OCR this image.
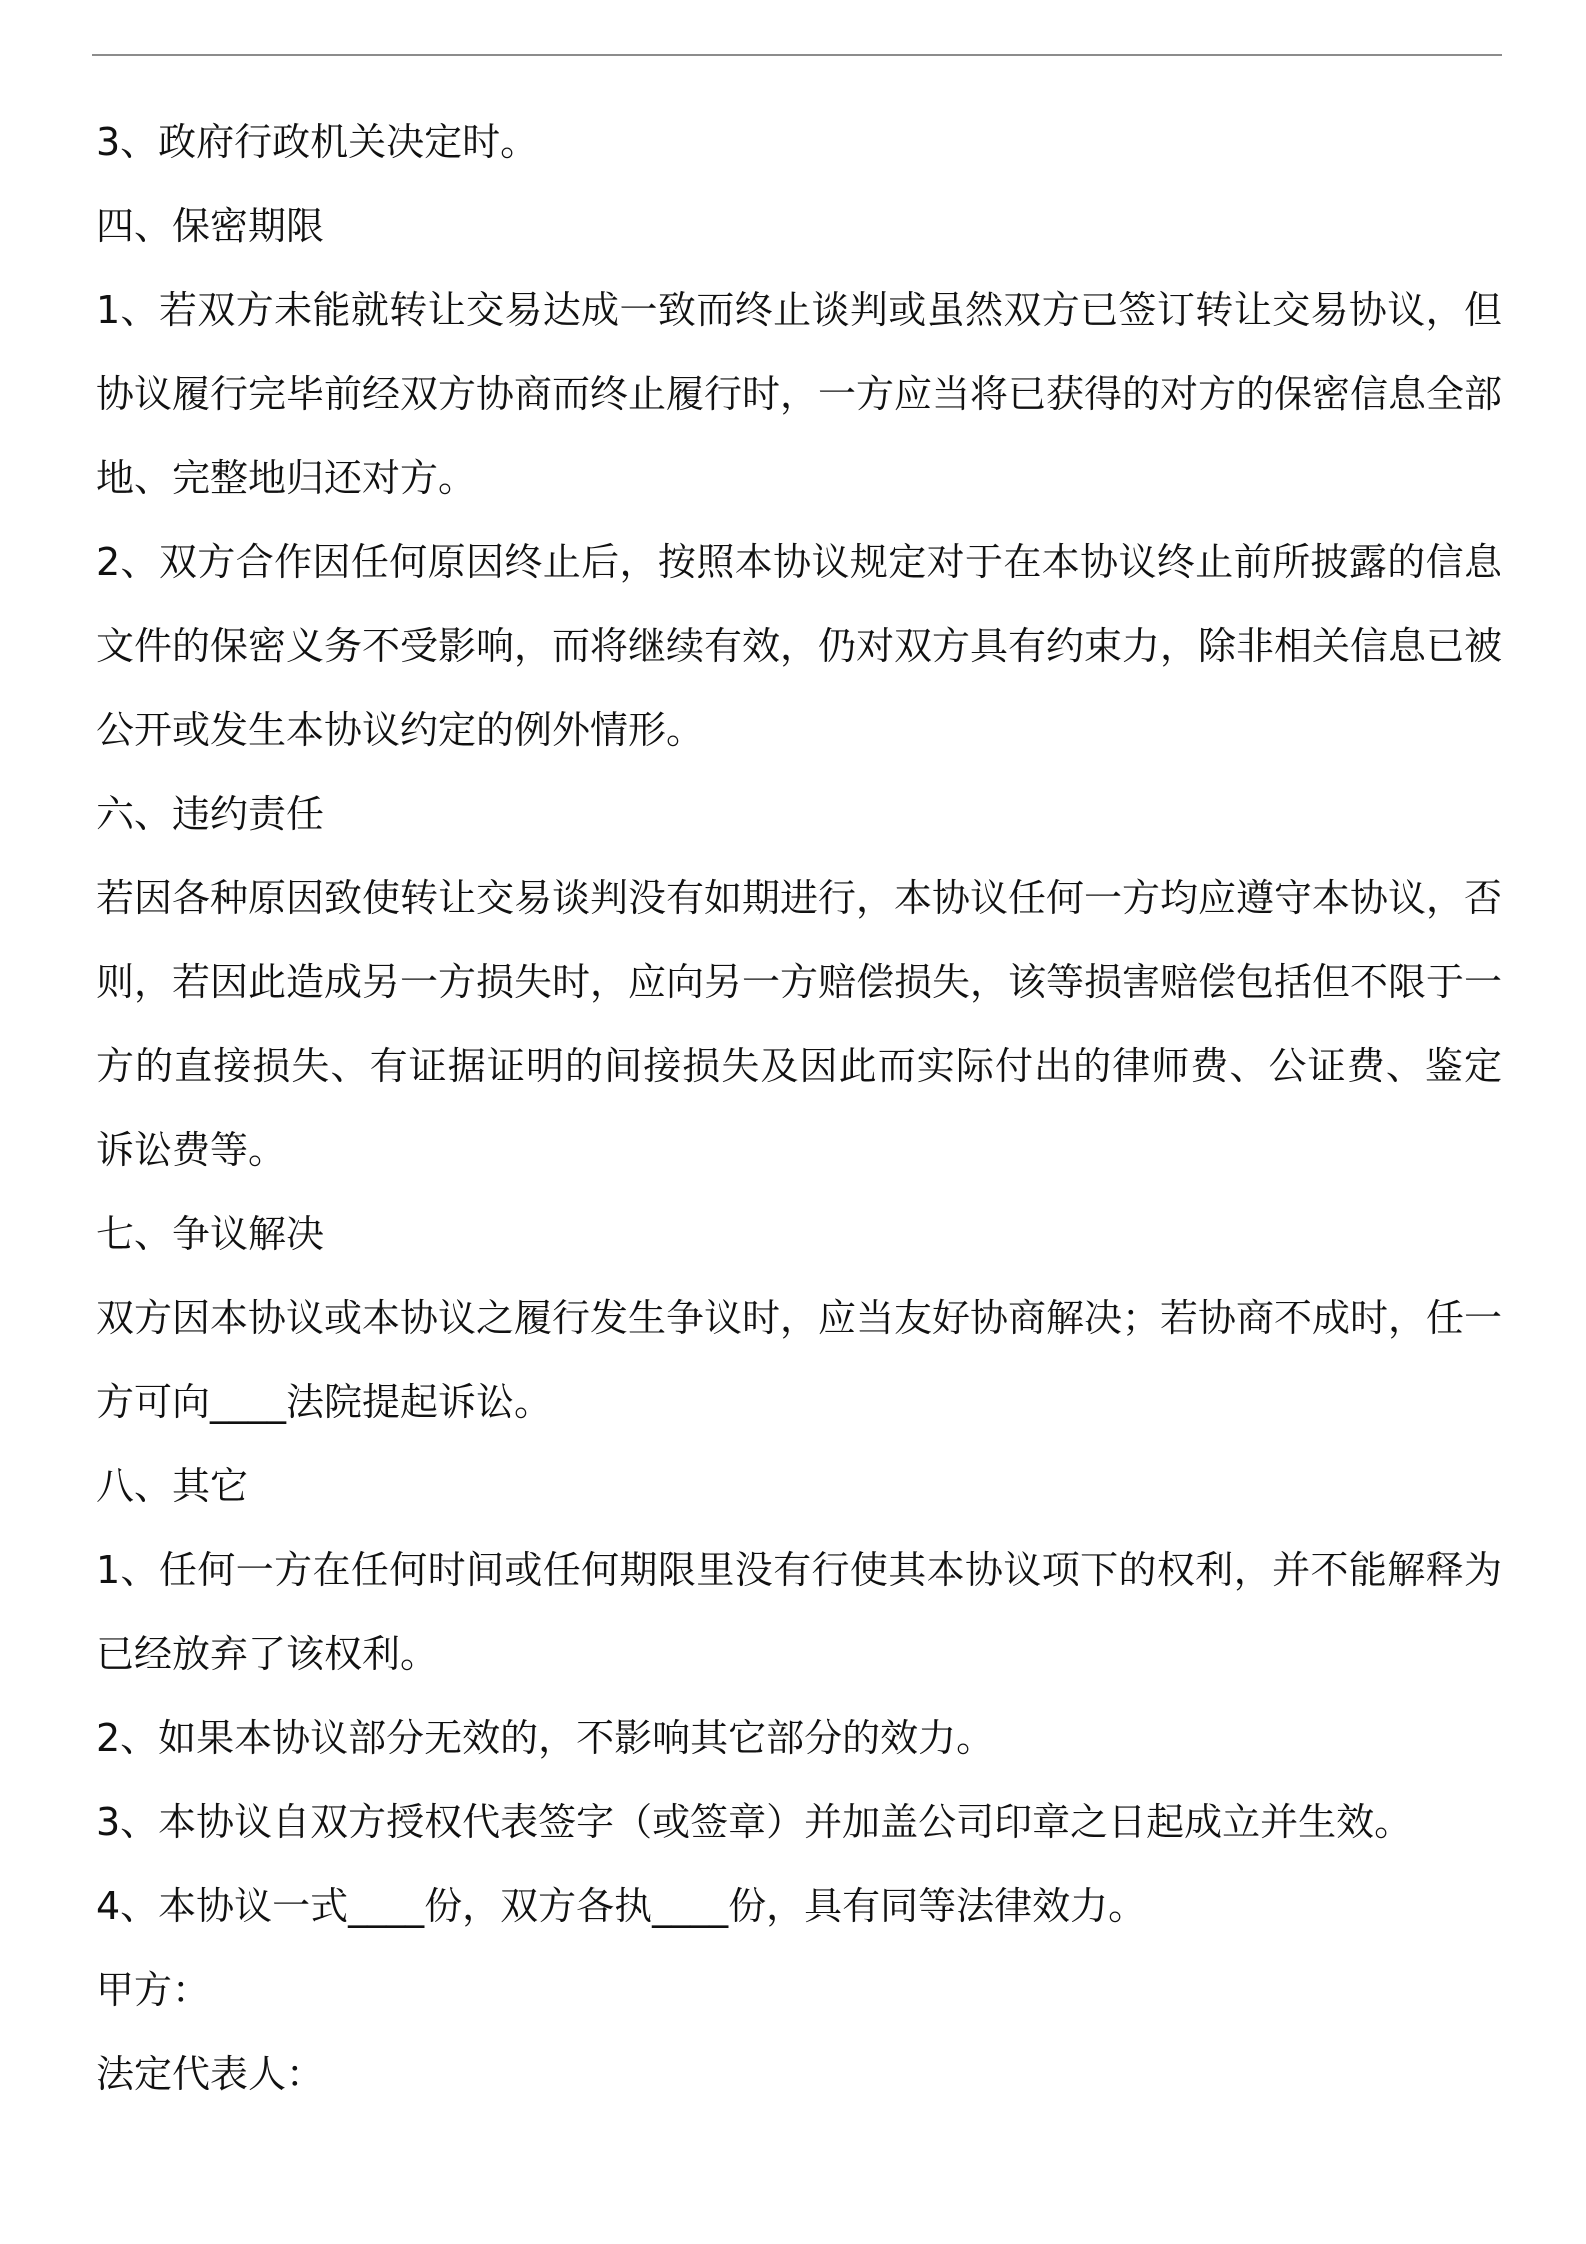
3、政府行政机关决定时。
四、保密期限
1、若双方未能就转让交易达成一致而终止谈判或虽然双方已签订转让交易协议，但
协议履行完毕前经双方协商而终止履行时，一方应当将已获得的对方的保密信息全部
地、完整地归还对方。
2、双方合作因任何原因终止后，按照本协议规定对于在本协议终止前所披露的信息
文件的保密义务不受影响，而将继续有效，仍对双方具有约束力，除非相关信息已被
公开或发生本协议约定的例外情形。
六、违约责任
若因各种原因致使转让交易谈判没有如期进行，本协议任何一方均应遵守本协议，否
则，若因此造成另一方损失时，应向另一方赔偿损失，该等损害赔偿包括但不限于一
方的直接损失、有证据证明的间接损失及因此而实际付出的律师费、公证费、鉴定
诉讼费等。
七、争议解决
双方因本协议或本协议之履行发生争议时，应当友好协商解决；若协商不成时，任一
方可向____法院提起诉讼。
八、其它
1、任何一方在任何时间或任何期限里没有行使其本协议项下的权利，并不能解释为
已经放弃了该权利。
2、如果本协议部分无效的，不影响其它部分的效力。
3、本协议自双方授权代表签字（或签章）并加盖公司印章之日起成立并生效。
4、本协议一式____份，双方各执____份，具有同等法律效力。
甲方：
法定代表人：
